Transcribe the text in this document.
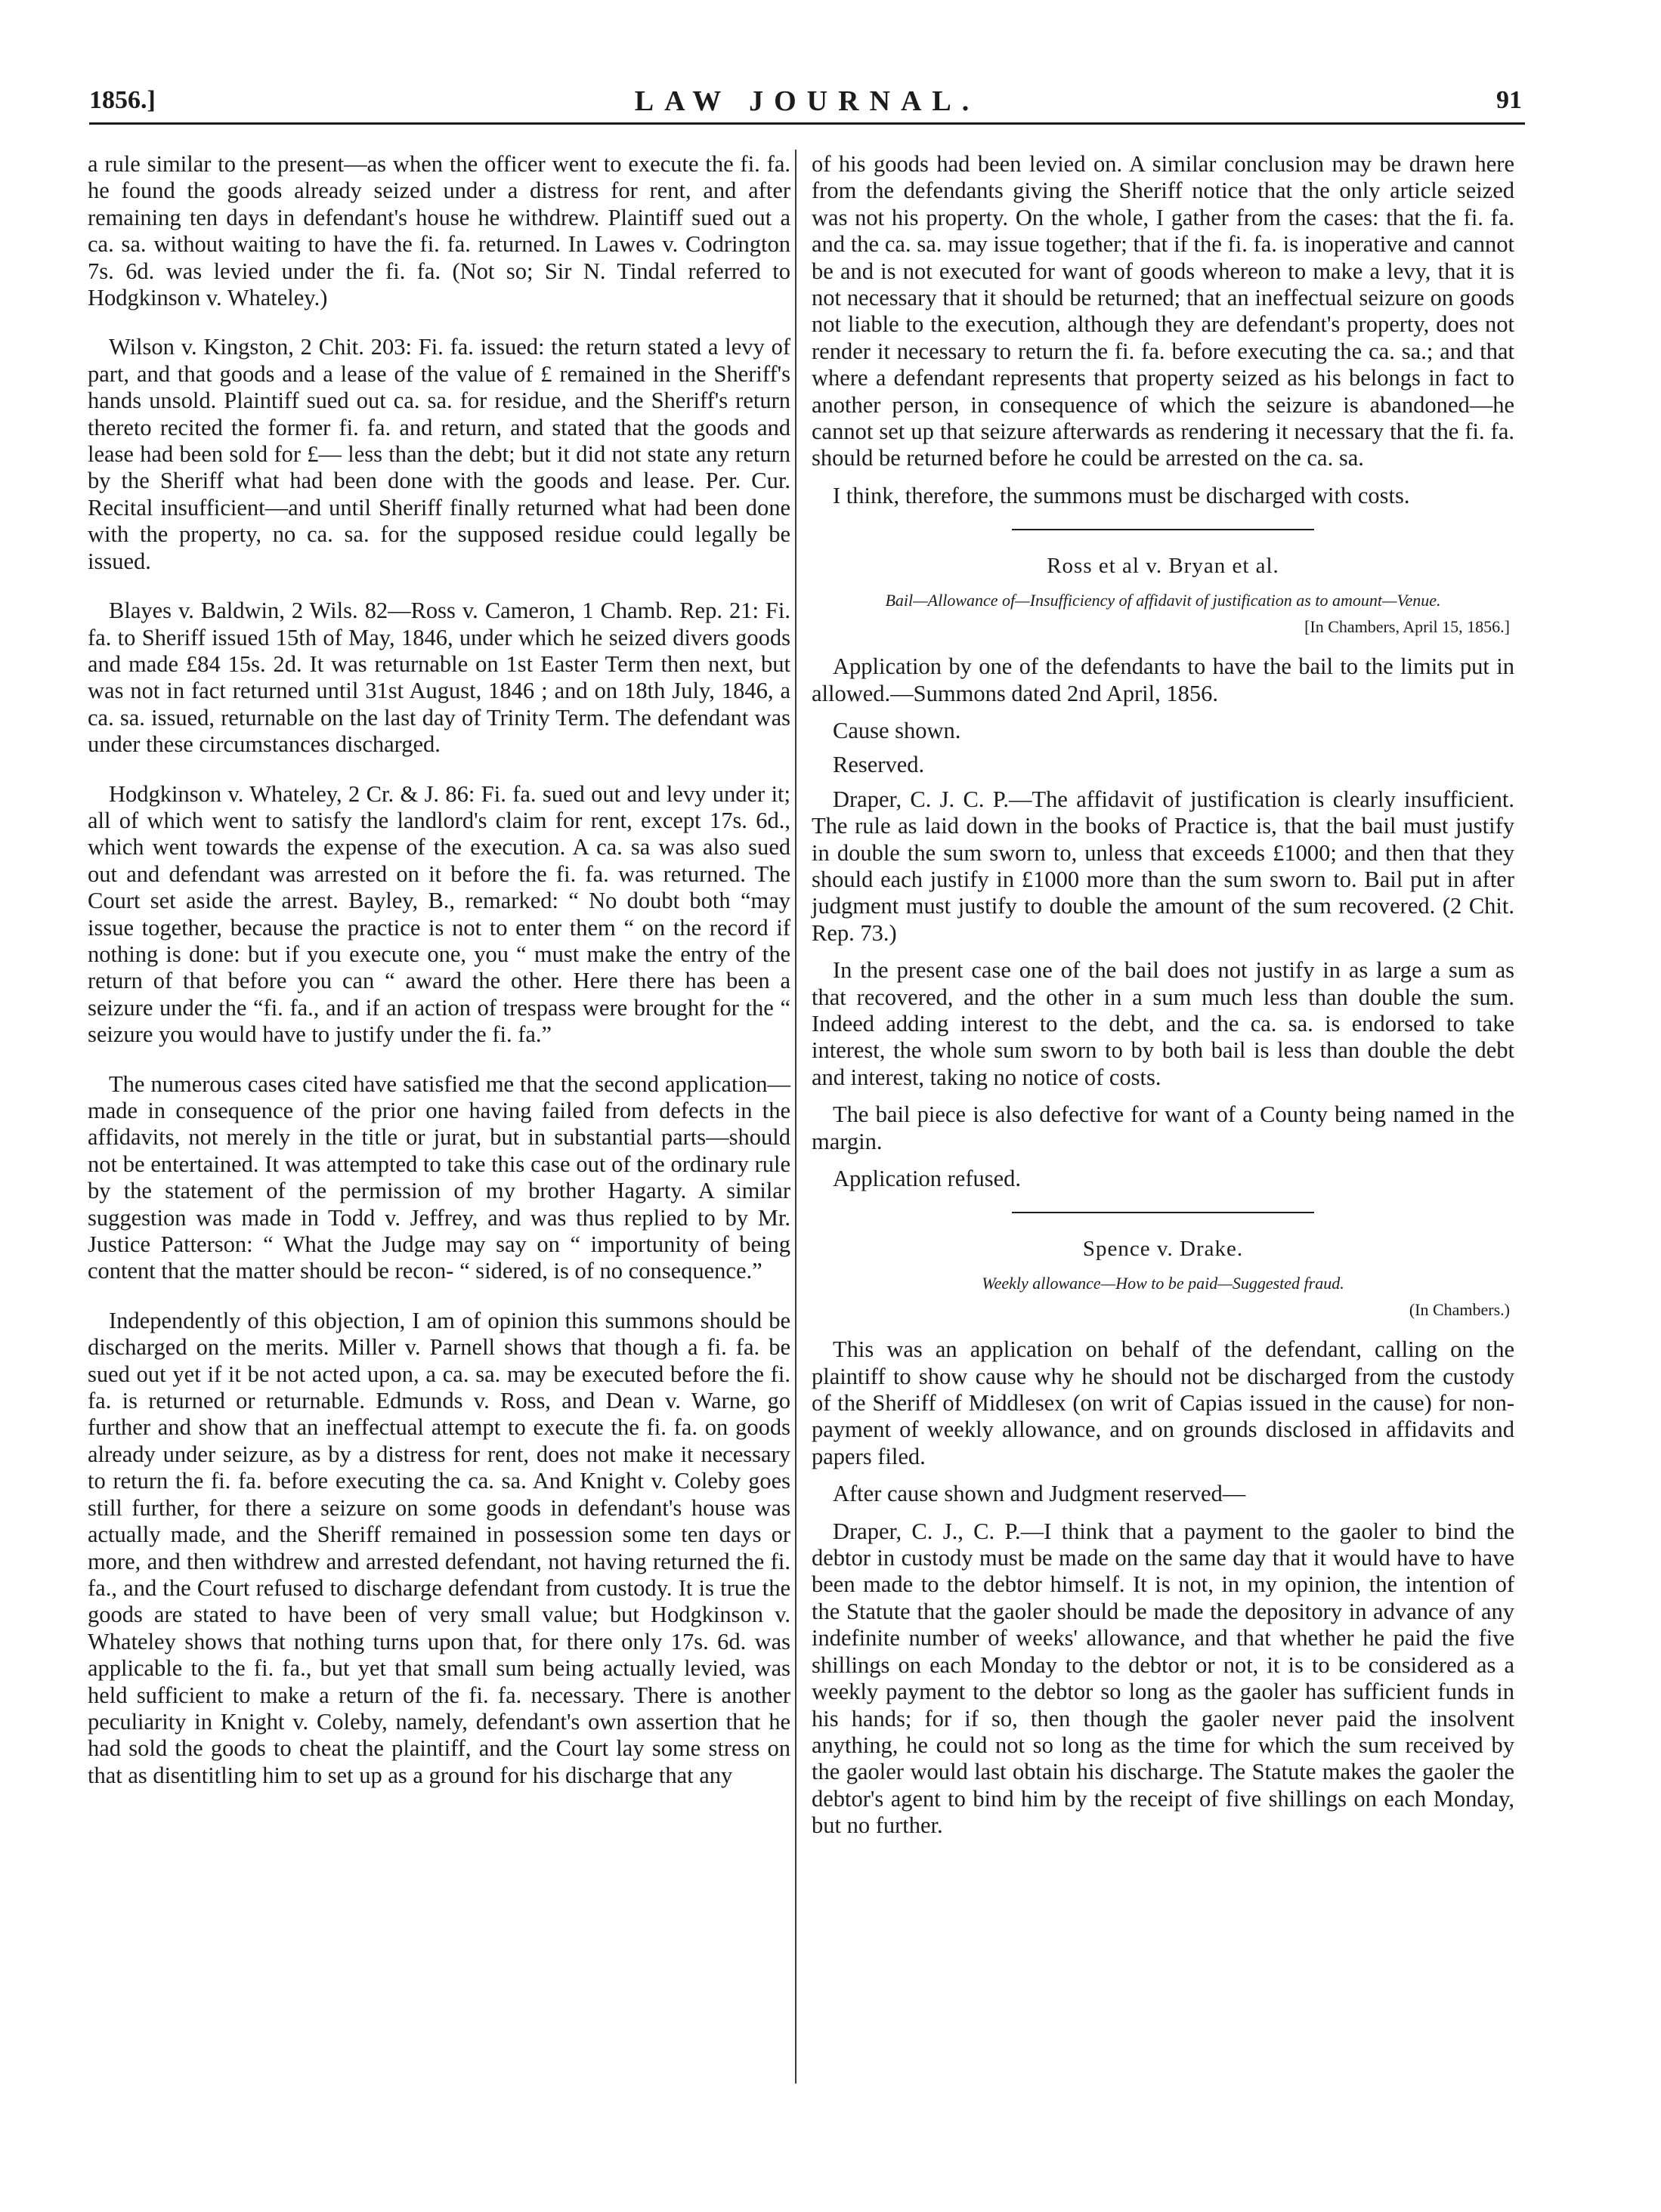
1856.]	LAW JOURNAL.	91

a rule similar to the present—as when the officer went to execute the fi. fa. he found the goods already seized under a distress for rent, and after remaining ten days in defendant's house he withdrew. Plaintiff sued out a ca. sa. without waiting to have the fi. fa. returned. In Lawes v. Codrington 7s. 6d. was levied under the fi. fa. (Not so; Sir N. Tindal referred to Hodgkinson v. Whateley.)

Wilson v. Kingston, 2 Chit. 203: Fi. fa. issued: the return stated a levy of part, and that goods and a lease of the value of £ remained in the Sheriff's hands unsold. Plaintiff sued out ca. sa. for residue, and the Sheriff's return thereto recited the former fi. fa. and return, and stated that the goods and lease had been sold for £— less than the debt; but it did not state any return by the Sheriff what had been done with the goods and lease. Per. Cur. Recital insufficient—and until Sheriff finally returned what had been done with the property, no ca. sa. for the supposed residue could legally be issued.

Blayes v. Baldwin, 2 Wils. 82—Ross v. Cameron, 1 Chamb. Rep. 21: Fi. fa. to Sheriff issued 15th of May, 1846, under which he seized divers goods and made £84 15s. 2d. It was returnable on 1st Easter Term then next, but was not in fact returned until 31st August, 1846 ; and on 18th July, 1846, a ca. sa. issued, returnable on the last day of Trinity Term. The defendant was under these circumstances discharged.

Hodgkinson v. Whateley, 2 Cr. & J. 86: Fi. fa. sued out and levy under it; all of which went to satisfy the landlord's claim for rent, except 17s. 6d., which went towards the expense of the execution. A ca. sa was also sued out and defendant was arrested on it before the fi. fa. was returned. The Court set aside the arrest. Bayley, B., remarked: “ No doubt both “may issue together, because the practice is not to enter them “ on the record if nothing is done: but if you execute one, you “ must make the entry of the return of that before you can “ award the other. Here there has been a seizure under the “fi. fa., and if an action of trespass were brought for the “ seizure you would have to justify under the fi. fa.”

The numerous cases cited have satisfied me that the second application—made in consequence of the prior one having failed from defects in the affidavits, not merely in the title or jurat, but in substantial parts—should not be entertained. It was attempted to take this case out of the ordinary rule by the statement of the permission of my brother Hagarty. A similar suggestion was made in Todd v. Jeffrey, and was thus replied to by Mr. Justice Patterson: “ What the Judge may say on “ importunity of being content that the matter should be recon- “ sidered, is of no consequence.”

Independently of this objection, I am of opinion this summons should be discharged on the merits. Miller v. Parnell shows that though a fi. fa. be sued out yet if it be not acted upon, a ca. sa. may be executed before the fi. fa. is returned or returnable. Edmunds v. Ross, and Dean v. Warne, go further and show that an ineffectual attempt to execute the fi. fa. on goods already under seizure, as by a distress for rent, does not make it necessary to return the fi. fa. before executing the ca. sa. And Knight v. Coleby goes still further, for there a seizure on some goods in defendant's house was actually made, and the Sheriff remained in possession some ten days or more, and then withdrew and arrested defendant, not having returned the fi. fa., and the Court refused to discharge defendant from custody. It is true the goods are stated to have been of very small value; but Hodgkinson v. Whateley shows that nothing turns upon that, for there only 17s. 6d. was applicable to the fi. fa., but yet that small sum being actually levied, was held sufficient to make a return of the fi. fa. necessary. There is another peculiarity in Knight v. Coleby, namely, defendant's own assertion that he had sold the goods to cheat the plaintiff, and the Court lay some stress on that as disentitling him to set up as a ground for his discharge that any

of his goods had been levied on. A similar conclusion may be drawn here from the defendants giving the Sheriff notice that the only article seized was not his property. On the whole, I gather from the cases: that the fi. fa. and the ca. sa. may issue together; that if the fi. fa. is inoperative and cannot be and is not executed for want of goods whereon to make a levy, that it is not necessary that it should be returned; that an ineffectual seizure on goods not liable to the execution, although they are defendant's property, does not render it necessary to return the fi. fa. before executing the ca. sa.; and that where a defendant represents that property seized as his belongs in fact to another person, in consequence of which the seizure is abandoned—he cannot set up that seizure afterwards as rendering it necessary that the fi. fa. should be returned before he could be arrested on the ca. sa.

I think, therefore, the summons must be discharged with costs.

Ross et al v. Bryan et al.
Bail—Allowance of—Insufficiency of affidavit of justification as to amount—Venue.
[In Chambers, April 15, 1856.]

Application by one of the defendants to have the bail to the limits put in allowed.—Summons dated 2nd April, 1856.

Cause shown.

Reserved.

Draper, C. J. C. P.—The affidavit of justification is clearly insufficient. The rule as laid down in the books of Practice is, that the bail must justify in double the sum sworn to, unless that exceeds £1000; and then that they should each justify in £1000 more than the sum sworn to. Bail put in after judgment must justify to double the amount of the sum recovered. (2 Chit. Rep. 73.)

In the present case one of the bail does not justify in as large a sum as that recovered, and the other in a sum much less than double the sum. Indeed adding interest to the debt, and the ca. sa. is endorsed to take interest, the whole sum sworn to by both bail is less than double the debt and interest, taking no notice of costs.

The bail piece is also defective for want of a County being named in the margin.

Application refused.

Spence v. Drake.
Weekly allowance—How to be paid—Suggested fraud.
(In Chambers.)

This was an application on behalf of the defendant, calling on the plaintiff to show cause why he should not be discharged from the custody of the Sheriff of Middlesex (on writ of Capias issued in the cause) for non-payment of weekly allowance, and on grounds disclosed in affidavits and papers filed.

After cause shown and Judgment reserved—

Draper, C. J., C. P.—I think that a payment to the gaoler to bind the debtor in custody must be made on the same day that it would have to have been made to the debtor himself. It is not, in my opinion, the intention of the Statute that the gaoler should be made the depository in advance of any indefinite number of weeks' allowance, and that whether he paid the five shillings on each Monday to the debtor or not, it is to be considered as a weekly payment to the debtor so long as the gaoler has sufficient funds in his hands; for if so, then though the gaoler never paid the insolvent anything, he could not so long as the time for which the sum received by the gaoler would last obtain his discharge. The Statute makes the gaoler the debtor's agent to bind him by the receipt of five shillings on each Monday, but no further.
